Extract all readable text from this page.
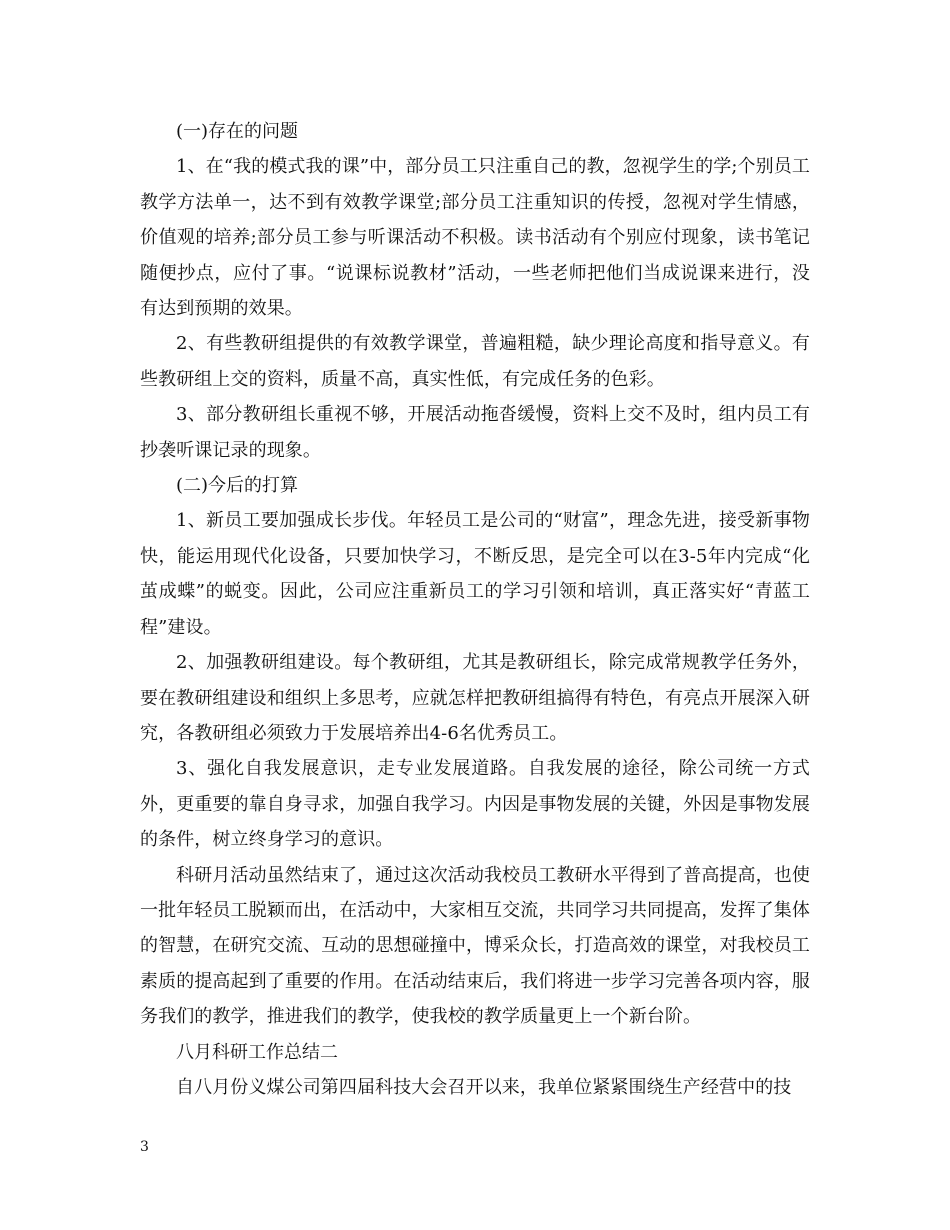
(一)存在的问题

1、在“我的模式我的课”中，部分员工只注重自己的教，忽视学生的学;个别员工教学方法单一，达不到有效教学课堂;部分员工注重知识的传授，忽视对学生情感，价值观的培养;部分员工参与听课活动不积极。读书活动有个别应付现象，读书笔记随便抄点，应付了事。“说课标说教材”活动，一些老师把他们当成说课来进行，没有达到预期的效果。

2、有些教研组提供的有效教学课堂，普遍粗糙，缺少理论高度和指导意义。有些教研组上交的资料，质量不高，真实性低，有完成任务的色彩。

3、部分教研组长重视不够，开展活动拖沓缓慢，资料上交不及时，组内员工有抄袭听课记录的现象。

(二)今后的打算

1、新员工要加强成长步伐。年轻员工是公司的“财富”，理念先进，接受新事物快，能运用现代化设备，只要加快学习，不断反思，是完全可以在3-5年内完成“化茧成蝶”的蜕变。因此，公司应注重新员工的学习引领和培训，真正落实好“青蓝工程”建设。

2、加强教研组建设。每个教研组，尤其是教研组长，除完成常规教学任务外，要在教研组建设和组织上多思考，应就怎样把教研组搞得有特色，有亮点开展深入研究，各教研组必须致力于发展培养出4-6名优秀员工。

3、强化自我发展意识，走专业发展道路。自我发展的途径，除公司统一方式外，更重要的靠自身寻求，加强自我学习。内因是事物发展的关键，外因是事物发展的条件，树立终身学习的意识。

科研月活动虽然结束了，通过这次活动我校员工教研水平得到了普高提高，也使一批年轻员工脱颖而出，在活动中，大家相互交流，共同学习共同提高，发挥了集体的智慧，在研究交流、互动的思想碰撞中，博采众长，打造高效的课堂，对我校员工素质的提高起到了重要的作用。在活动结束后，我们将进一步学习完善各项内容，服务我们的教学，推进我们的教学，使我校的教学质量更上一个新台阶。

八月科研工作总结二

自八月份义煤公司第四届科技大会召开以来，我单位紧紧围绕生产经营中的技

3
